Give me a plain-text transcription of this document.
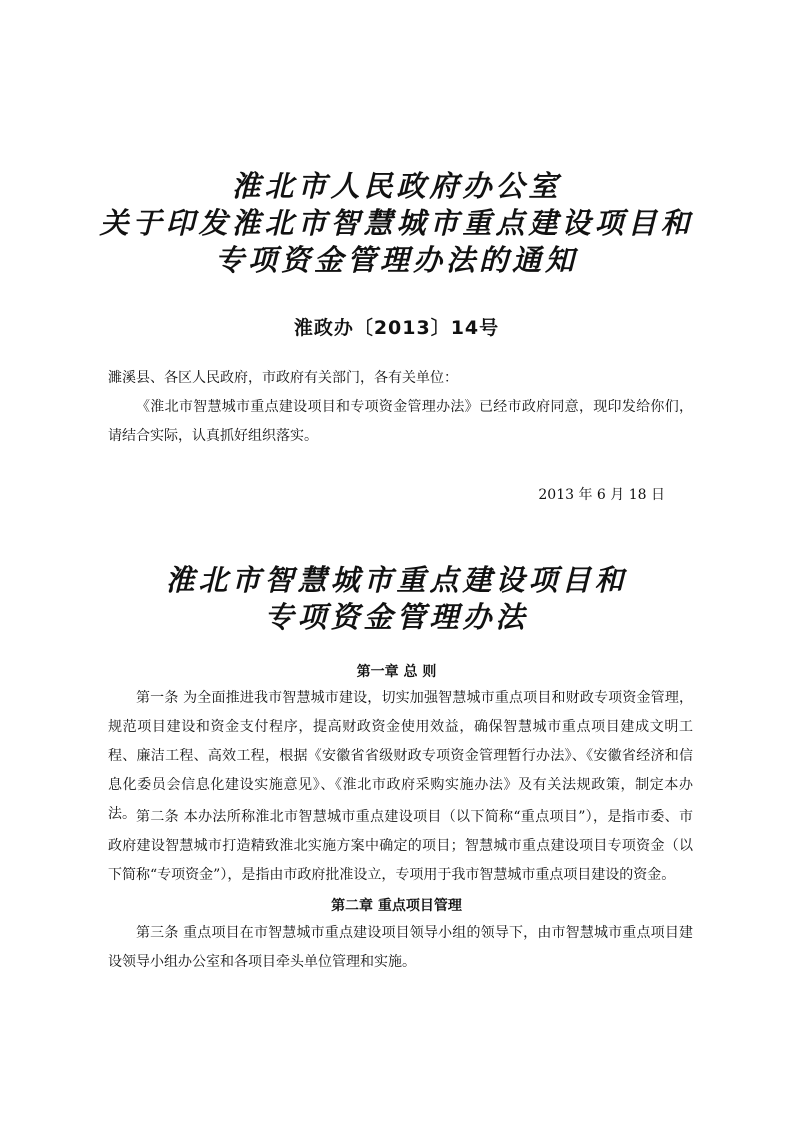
淮北市人民政府办公室
关于印发淮北市智慧城市重点建设项目和
专项资金管理办法的通知
淮政办〔2013〕14号

濉溪县、各区人民政府，市政府有关部门，各有关单位：

《淮北市智慧城市重点建设项目和专项资金管理办法》已经市政府同意，现印发给你们，请结合实际，认真抓好组织落实。

2013 年 6 月 18 日
淮北市智慧城市重点建设项目和
专项资金管理办法
第一章 总 则

第一条 为全面推进我市智慧城市建设，切实加强智慧城市重点项目和财政专项资金管理，规范项目建设和资金支付程序，提高财政资金使用效益，确保智慧城市重点项目建成文明工程、廉洁工程、高效工程，根据《安徽省省级财政专项资金管理暂行办法》、《安徽省经济和信息化委员会信息化建设实施意见》、《淮北市政府采购实施办法》及有关法规政策，制定本办法。 第二条 本办法所称淮北市智慧城市重点建设项目（以下简称“重点项目”），是指市委、市政府建设智慧城市打造精致淮北实施方案中确定的项目；智慧城市重点建设项目专项资金（以下简称“专项资金”），是指由市政府批准设立，专项用于我市智慧城市重点项目建设的资金。

第二章 重点项目管理

第三条 重点项目在市智慧城市重点建设项目领导小组的领导下，由市智慧城市重点项目建设领导小组办公室和各项目牵头单位管理和实施。
